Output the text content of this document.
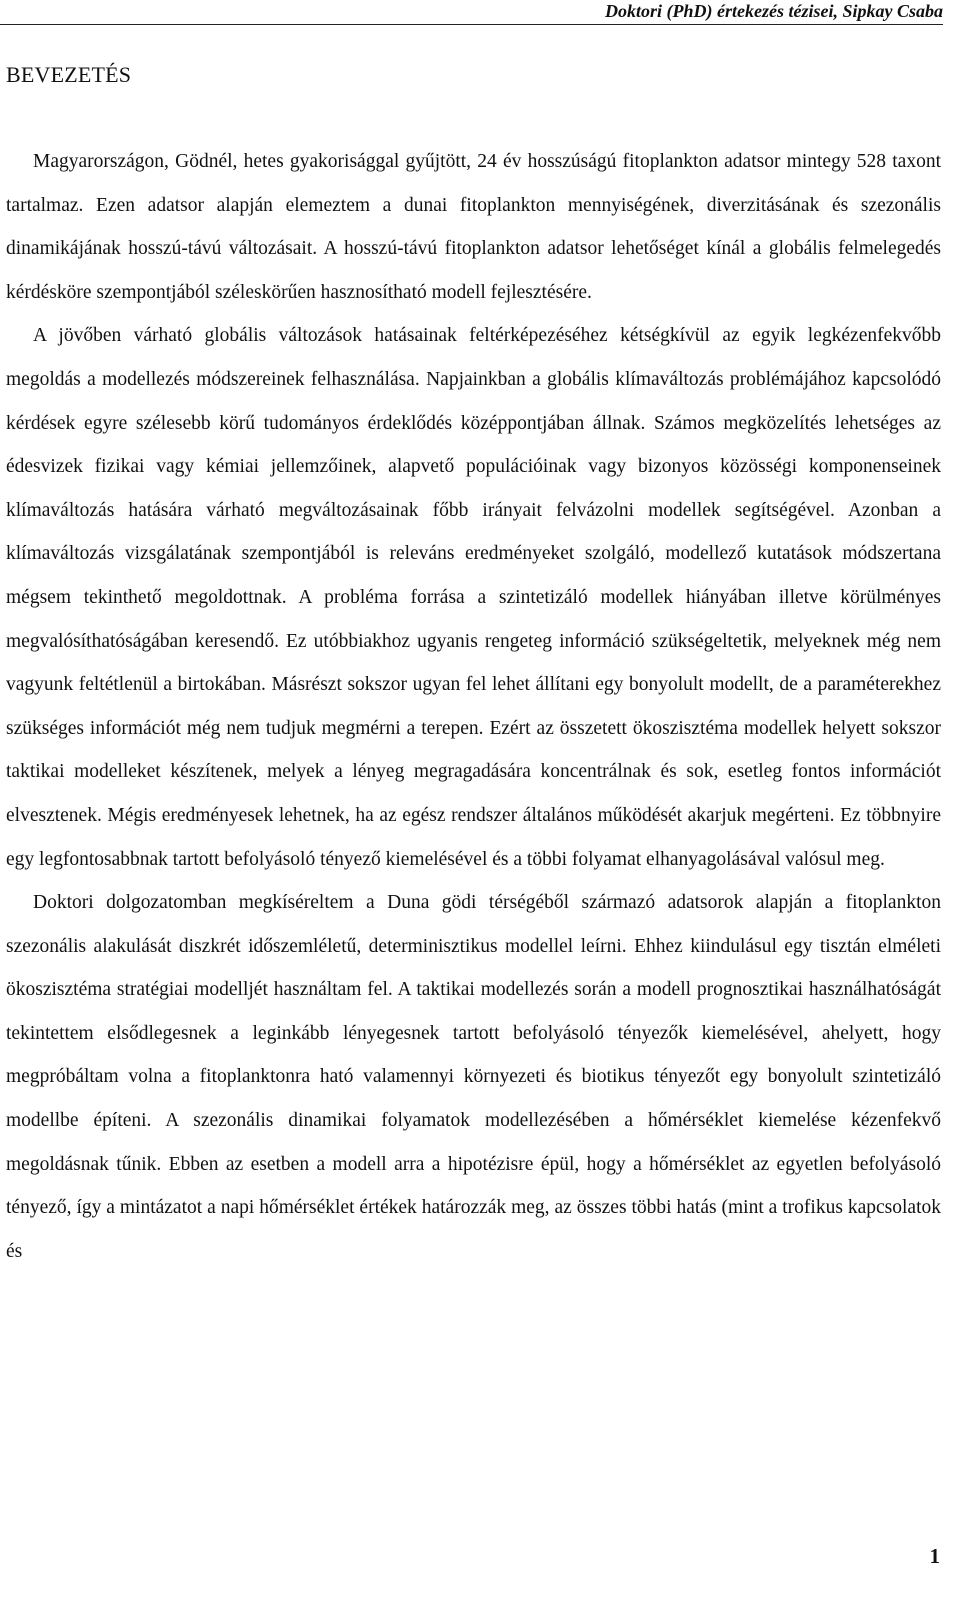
Doktori (PhD) értekezés tézisei, Sipkay Csaba
BEVEZETÉS

Magyarországon, Gödnél, hetes gyakorisággal gyűjtött, 24 év hosszúságú fitoplankton adatsor mintegy 528 taxont tartalmaz. Ezen adatsor alapján elemeztem a dunai fitoplankton mennyiségének, diverzitásának és szezonális dinamikájának hosszú-távú változásait. A hosszú-távú fitoplankton adatsor lehetőséget kínál a globális felmelegedés kérdésköre szempontjából széleskörűen hasznosítható modell fejlesztésére.

A jövőben várható globális változások hatásainak feltérképezéséhez kétségkívül az egyik legkézenfekvőbb megoldás a modellezés módszereinek felhasználása. Napjainkban a globális klímaváltozás problémájához kapcsolódó kérdések egyre szélesebb körű tudományos érdeklődés középpontjában állnak. Számos megközelítés lehetséges az édesvizek fizikai vagy kémiai jellemzőinek, alapvető populációinak vagy bizonyos közösségi komponenseinek klímaváltozás hatására várható megváltozásainak főbb irányait felvázolni modellek segítségével. Azonban a klímaváltozás vizsgálatának szempontjából is releváns eredményeket szolgáló, modellező kutatások módszertana mégsem tekinthető megoldottnak. A probléma forrása a szintetizáló modellek hiányában illetve körülményes megvalósíthatóságában keresendő. Ez utóbbiakhoz ugyanis rengeteg információ szükségeltetik, melyeknek még nem vagyunk feltétlenül a birtokában. Másrészt sokszor ugyan fel lehet állítani egy bonyolult modellt, de a paraméterekhez szükséges információt még nem tudjuk megmérni a terepen. Ezért az összetett ökoszisztéma modellek helyett sokszor taktikai modelleket készítenek, melyek a lényeg megragadására koncentrálnak és sok, esetleg fontos információt elvesztenek. Mégis eredményesek lehetnek, ha az egész rendszer általános működését akarjuk megérteni. Ez többnyire egy legfontosabbnak tartott befolyásoló tényező kiemelésével és a többi folyamat elhanyagolásával valósul meg.

Doktori dolgozatomban megkíséreltem a Duna gödi térségéből származó adatsorok alapján a fitoplankton szezonális alakulását diszkrét időszemléletű, determinisztikus modellel leírni. Ehhez kiindulásul egy tisztán elméleti ökoszisztéma stratégiai modelljét használtam fel. A taktikai modellezés során a modell prognosztikai használhatóságát tekintettem elsődlegesnek a leginkább lényegesnek tartott befolyásoló tényezők kiemelésével, ahelyett, hogy megpróbáltam volna a fitoplanktonra ható valamennyi környezeti és biotikus tényezőt egy bonyolult szintetizáló modellbe építeni. A szezonális dinamikai folyamatok modellezésében a hőmérséklet kiemelése kézenfekvő megoldásnak tűnik. Ebben az esetben a modell arra a hipotézisre épül, hogy a hőmérséklet az egyetlen befolyásoló tényező, így a mintázatot a napi hőmérséklet értékek határozzák meg, az összes többi hatás (mint a trofikus kapcsolatok és

1
